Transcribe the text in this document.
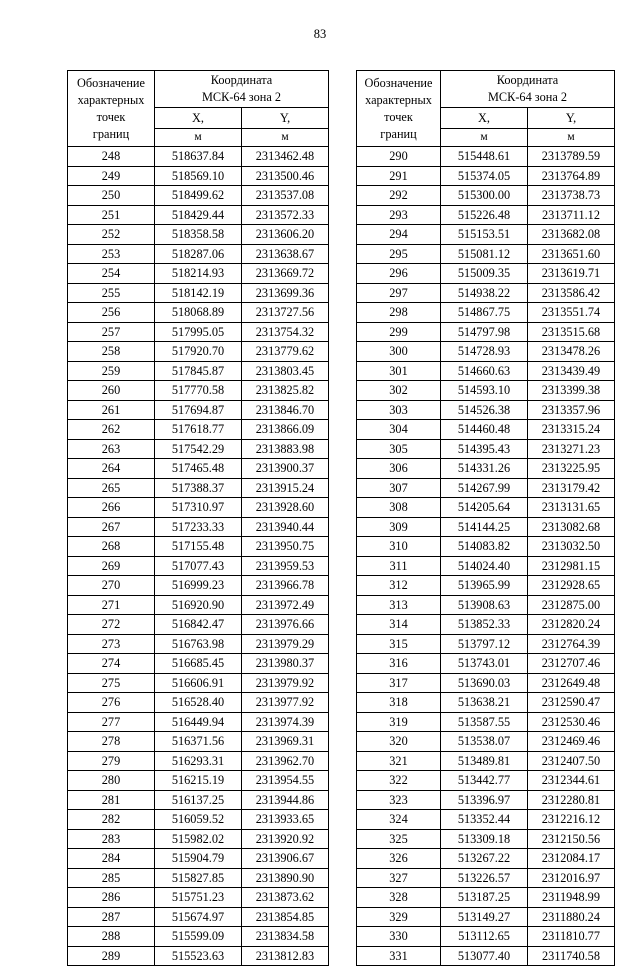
83
Обозначение
характерных
точек
границ	Координата
МСК-64 зона 2	

	X,	Y,
	м	м
248	518637.84	2313462.48
249	518569.10	2313500.46
250	518499.62	2313537.08
251	518429.44	2313572.33
252	518358.58	2313606.20
253	518287.06	2313638.67
254	518214.93	2313669.72
255	518142.19	2313699.36
256	518068.89	2313727.56
257	517995.05	2313754.32
258	517920.70	2313779.62
259	517845.87	2313803.45
260	517770.58	2313825.82
261	517694.87	2313846.70
262	517618.77	2313866.09
263	517542.29	2313883.98
264	517465.48	2313900.37
265	517388.37	2313915.24
266	517310.97	2313928.60
267	517233.33	2313940.44
268	517155.48	2313950.75
269	517077.43	2313959.53
270	516999.23	2313966.78
271	516920.90	2313972.49
272	516842.47	2313976.66
273	516763.98	2313979.29
274	516685.45	2313980.37
275	516606.91	2313979.92
276	516528.40	2313977.92
277	516449.94	2313974.39
278	516371.56	2313969.31
279	516293.31	2313962.70
280	516215.19	2313954.55
281	516137.25	2313944.86
282	516059.52	2313933.65
283	515982.02	2313920.92
284	515904.79	2313906.67
285	515827.85	2313890.90
286	515751.23	2313873.62
287	515674.97	2313854.85
288	515599.09	2313834.58
289	515523.63	2313812.83
Обозначение
характерных
точек
границ	Координата
МСК-64 зона 2	

	X,	Y,
	м	м
290	515448.61	2313789.59
291	515374.05	2313764.89
292	515300.00	2313738.73
293	515226.48	2313711.12
294	515153.51	2313682.08
295	515081.12	2313651.60
296	515009.35	2313619.71
297	514938.22	2313586.42
298	514867.75	2313551.74
299	514797.98	2313515.68
300	514728.93	2313478.26
301	514660.63	2313439.49
302	514593.10	2313399.38
303	514526.38	2313357.96
304	514460.48	2313315.24
305	514395.43	2313271.23
306	514331.26	2313225.95
307	514267.99	2313179.42
308	514205.64	2313131.65
309	514144.25	2313082.68
310	514083.82	2313032.50
311	514024.40	2312981.15
312	513965.99	2312928.65
313	513908.63	2312875.00
314	513852.33	2312820.24
315	513797.12	2312764.39
316	513743.01	2312707.46
317	513690.03	2312649.48
318	513638.21	2312590.47
319	513587.55	2312530.46
320	513538.07	2312469.46
321	513489.81	2312407.50
322	513442.77	2312344.61
323	513396.97	2312280.81
324	513352.44	2312216.12
325	513309.18	2312150.56
326	513267.22	2312084.17
327	513226.57	2312016.97
328	513187.25	2311948.99
329	513149.27	2311880.24
330	513112.65	2311810.77
331	513077.40	2311740.58
